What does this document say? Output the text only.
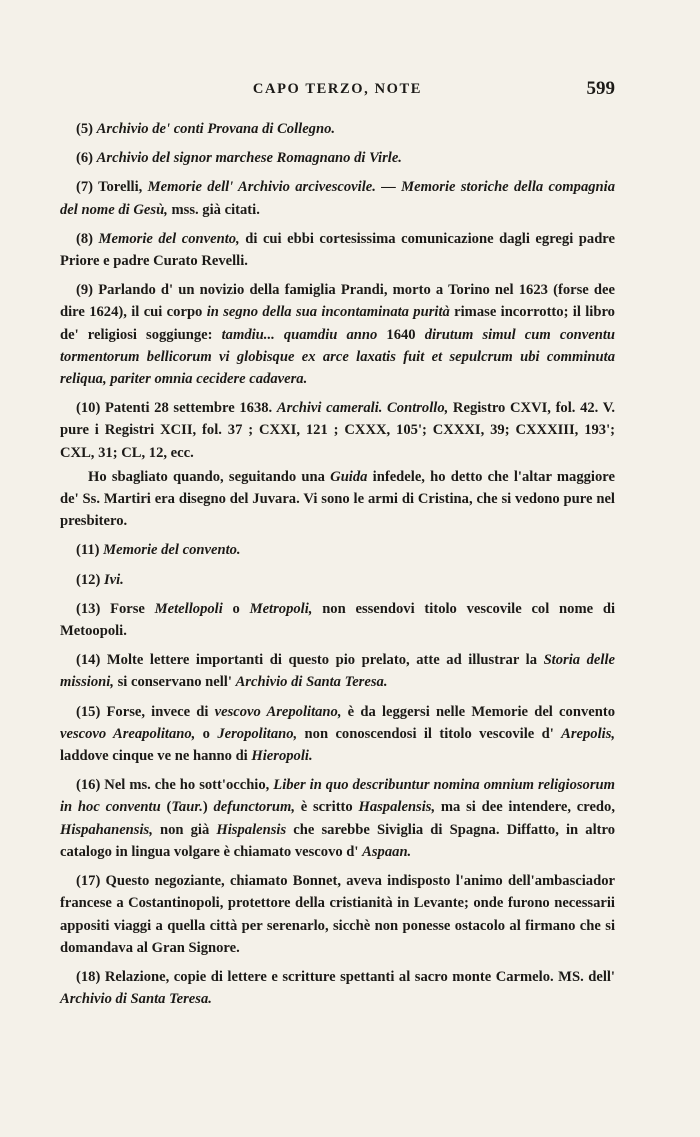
CAPO TERZO, NOTE	599

(5) Archivio de' conti Provana di Collegno.

(6) Archivio del signor marchese Romagnano di Virle.

(7) Torelli, Memorie dell' Archivio arcivescovile. — Memorie storiche della compagnia del nome di Gesù, mss. già citati.

(8) Memorie del convento, di cui ebbi cortesissima comunicazione dagli egregi padre Priore e padre Curato Revelli.

(9) Parlando d' un novizio della famiglia Prandi, morto a Torino nel 1623 (forse dee dire 1624), il cui corpo in segno della sua incontaminata purità rimase incorrotto; il libro de' religiosi soggiunge: tamdiu... quamdiu anno 1640 dirutum simul cum conventu tormentorum bellicorum vi globisque ex arce laxatis fuit et sepulcrum ubi comminuta reliqua, pariter omnia cecidere cadavera.

(10) Patenti 28 settembre 1638. Archivi camerali. Controllo, Registro CXVI, fol. 42. V. pure i Registri XCII, fol. 37 ; CXXI, 121 ; CXXX, 105'; CXXXI, 39; CXXXIII, 193'; CXL, 31; CL, 12, ecc.

Ho sbagliato quando, seguitando una Guida infedele, ho detto che l'altar maggiore de' Ss. Martiri era disegno del Juvara. Vi sono le armi di Cristina, che si vedono pure nel presbitero.

(11) Memorie del convento.

(12) Ivi.

(13) Forse Metellopoli o Metropoli, non essendovi titolo vescovile col nome di Metoopoli.

(14) Molte lettere importanti di questo pio prelato, atte ad illustrar la Storia delle missioni, si conservano nell' Archivio di Santa Teresa.

(15) Forse, invece di vescovo Arepolitano, è da leggersi nelle Memorie del convento vescovo Areapolitano, o Jeropolitano, non conoscendosi il titolo vescovile d' Arepolis, laddove cinque ve ne hanno di Hieropoli.

(16) Nel ms. che ho sott'occhio, Liber in quo describuntur nomina omnium religiosorum in hoc conventu (Taur.) defunctorum, è scritto Haspalensis, ma si dee intendere, credo, Hispahanensis, non già Hispalensis che sarebbe Siviglia di Spagna. Diffatto, in altro catalogo in lingua volgare è chiamato vescovo d' Aspaan.

(17) Questo negoziante, chiamato Bonnet, aveva indisposto l'animo dell'ambasciador francese a Costantinopoli, protettore della cristianità in Levante; onde furono necessarii appositi viaggi a quella città per serenarlo, sicchè non ponesse ostacolo al firmano che si domandava al Gran Signore.

(18) Relazione, copie di lettere e scritture spettanti al sacro monte Carmelo. MS. dell' Archivio di Santa Teresa.
